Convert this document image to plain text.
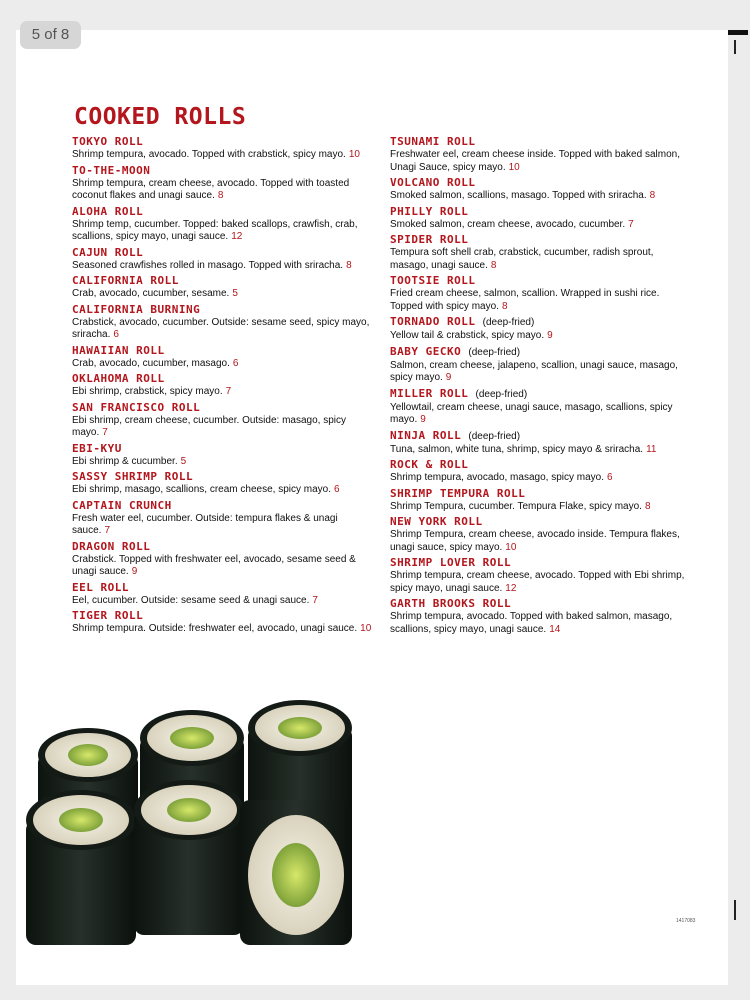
5 of 8
COOKED ROLLS
TOKYO ROLL
Shrimp tempura, avocado. Topped with crabstick, spicy mayo. 10
TO-THE-MOON
Shrimp tempura, cream cheese, avocado. Topped with toasted coconut flakes and unagi sauce. 8
ALOHA ROLL
Shrimp temp, cucumber. Topped: baked scallops, crawfish, crab, scallions, spicy mayo, unagi sauce. 12
CAJUN ROLL
Seasoned crawfishes rolled in masago. Topped with sriracha. 8
CALIFORNIA ROLL
Crab, avocado, cucumber, sesame. 5
CALIFORNIA BURNING
Crabstick, avocado, cucumber. Outside: sesame seed, spicy mayo, sriracha. 6
HAWAIIAN ROLL
Crab, avocado, cucumber, masago. 6
OKLAHOMA ROLL
Ebi shrimp, crabstick, spicy mayo. 7
SAN FRANCISCO ROLL
Ebi shrimp, cream cheese, cucumber. Outside: masago, spicy mayo. 7
EBI-KYU
Ebi shrimp & cucumber. 5
SASSY SHRIMP ROLL
Ebi shrimp, masago, scallions, cream cheese, spicy mayo. 6
CAPTAIN CRUNCH
Fresh water eel, cucumber. Outside: tempura flakes & unagi sauce. 7
DRAGON ROLL
Crabstick. Topped with freshwater eel, avocado, sesame seed & unagi sauce. 9
EEL ROLL
Eel, cucumber. Outside: sesame seed & unagi sauce. 7
TIGER ROLL
Shrimp tempura. Outside: freshwater eel, avocado, unagi sauce. 10
TSUNAMI ROLL
Freshwater eel, cream cheese inside. Topped with baked salmon, Unagi Sauce, spicy mayo. 10
VOLCANO ROLL
Smoked salmon, scallions, masago. Topped with sriracha. 8
PHILLY ROLL
Smoked salmon, cream cheese, avocado, cucumber. 7
SPIDER ROLL
Tempura soft shell crab, crabstick, cucumber, radish sprout, masago, unagi sauce. 8
TOOTSIE ROLL
Fried cream cheese, salmon, scallion. Wrapped in sushi rice. Topped with spicy mayo. 8
TORNADO ROLL (deep-fried)
Yellow tail & crabstick, spicy mayo. 9
BABY GECKO (deep-fried)
Salmon, cream cheese, jalapeno, scallion, unagi sauce, masago, spicy mayo. 9
MILLER ROLL (deep-fried)
Yellowtail, cream cheese, unagi sauce, masago, scallions, spicy mayo. 9
NINJA ROLL (deep-fried)
Tuna, salmon, white tuna, shrimp, spicy mayo & sriracha. 11
ROCK & ROLL
Shrimp tempura, avocado, masago, spicy mayo. 6
SHRIMP TEMPURA ROLL
Shrimp Tempura, cucumber. Tempura Flake, spicy mayo. 8
NEW YORK ROLL
Shrimp Tempura, cream cheese, avocado inside. Tempura flakes, unagi sauce, spicy mayo. 10
SHRIMP LOVER ROLL
Shrimp tempura, cream cheese, avocado. Topped with Ebi shrimp, spicy mayo, unagi sauce. 12
GARTH BROOKS ROLL
Shrimp tempura, avocado. Topped with baked salmon, masago, scallions, spicy mayo, unagi sauce. 14
1417083
